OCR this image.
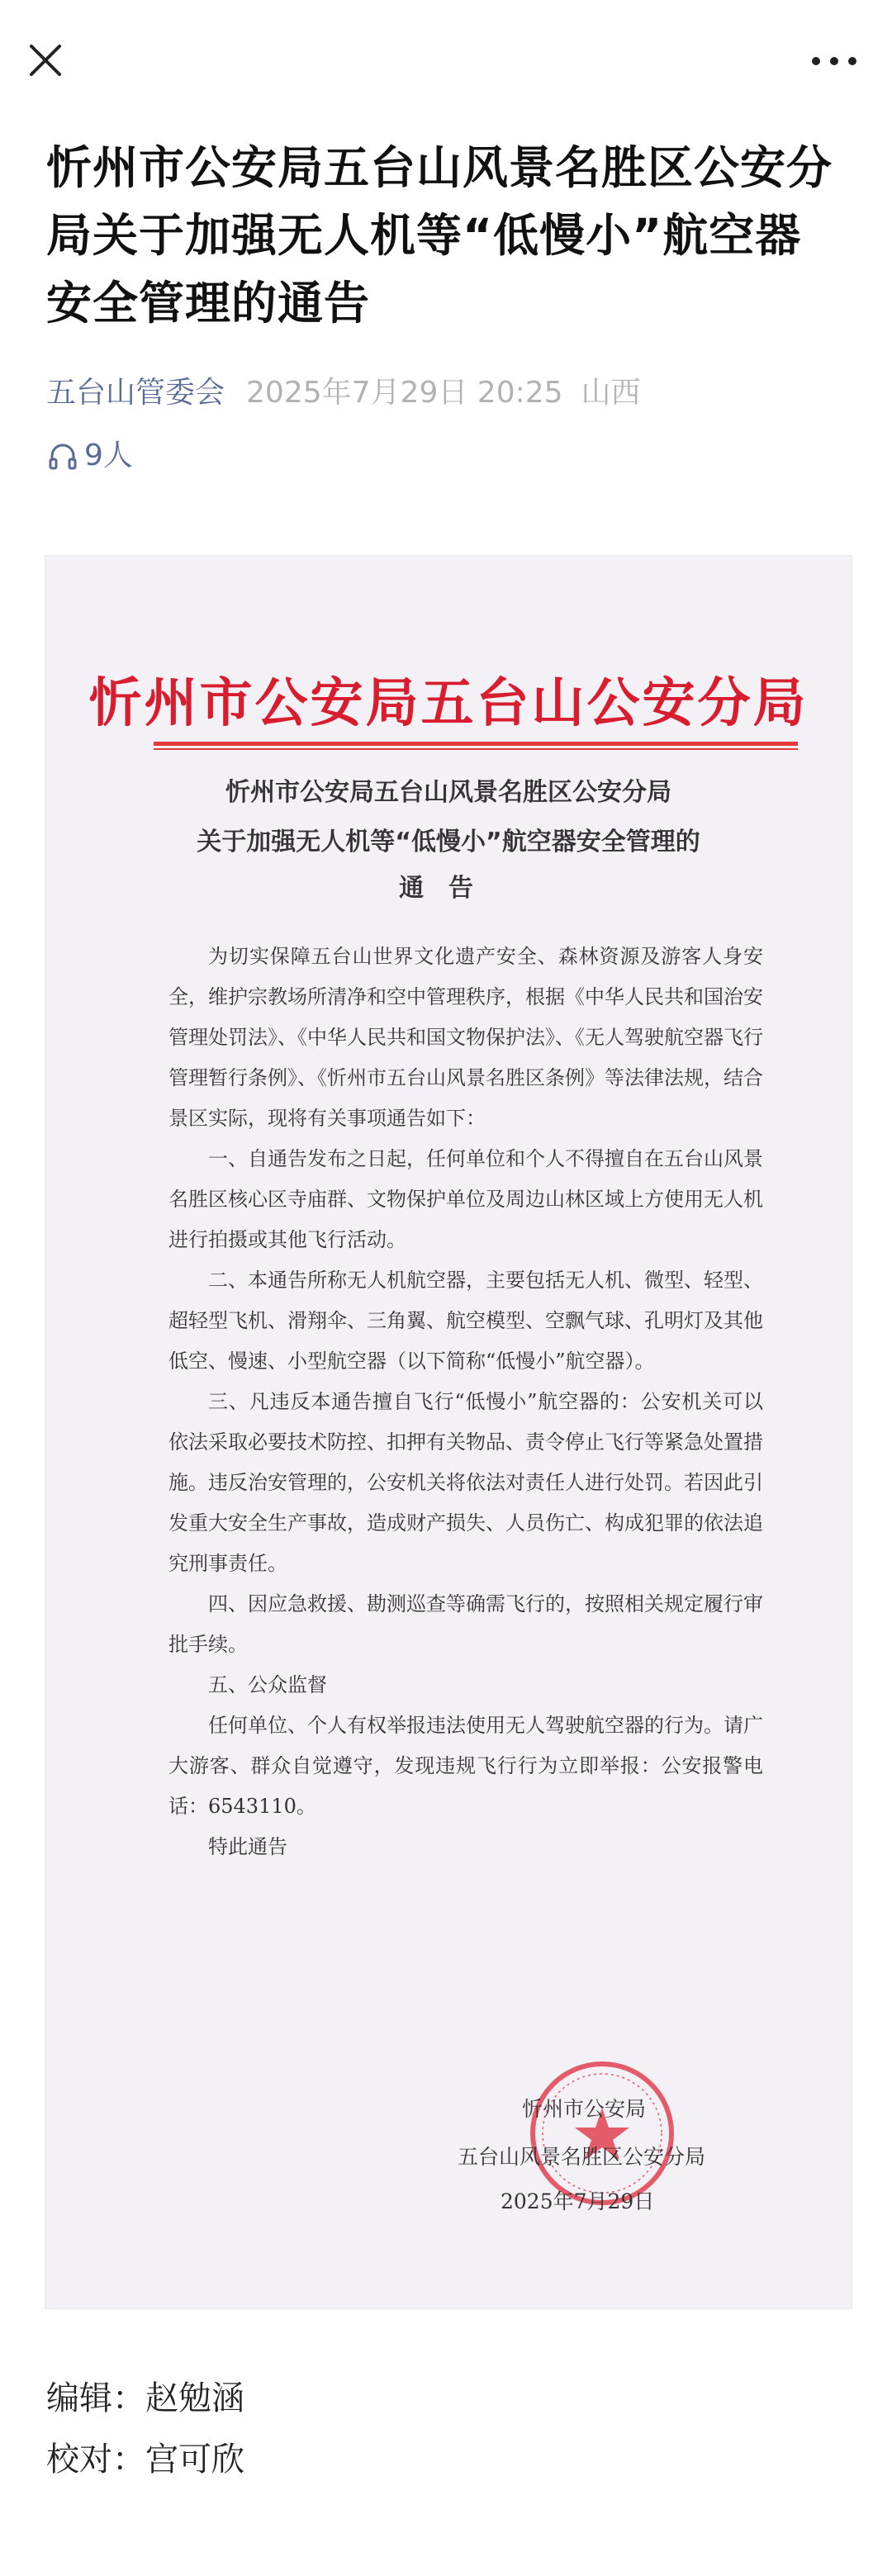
忻州市公安局五台山风景名胜区公安分局关于加强无人机等“低慢小”航空器安全管理的通告
五台山管委会 2025年7月29日 20:25 山西
9人
忻州市公安局五台山公安分局
忻州市公安局五台山风景名胜区公安分局
关于加强无人机等“低慢小”航空器安全管理的
通告

为切实保障五台山世界文化遗产安全、森林资源及游客人身安全，维护宗教场所清净和空中管理秩序，根据《中华人民共和国治安管理处罚法》、《中华人民共和国文物保护法》、《无人驾驶航空器飞行管理暂行条例》、《忻州市五台山风景名胜区条例》等法律法规，结合景区实际，现将有关事项通告如下：

一、自通告发布之日起，任何单位和个人不得擅自在五台山风景名胜区核心区寺庙群、文物保护单位及周边山林区域上方使用无人机进行拍摄或其他飞行活动。

二、本通告所称无人机航空器，主要包括无人机、微型、轻型、超轻型飞机、滑翔伞、三角翼、航空模型、空飘气球、孔明灯及其他低空、慢速、小型航空器（以下简称“低慢小”航空器）。

三、凡违反本通告擅自飞行“低慢小”航空器的：公安机关可以依法采取必要技术防控、扣押有关物品、责令停止飞行等紧急处置措施。违反治安管理的，公安机关将依法对责任人进行处罚。若因此引发重大安全生产事故，造成财产损失、人员伤亡、构成犯罪的依法追究刑事责任。

四、因应急救援、勘测巡查等确需飞行的，按照相关规定履行审批手续。

五、公众监督

任何单位、个人有权举报违法使用无人驾驶航空器的行为。请广大游客、群众自觉遵守，发现违规飞行行为立即举报：公安报警电话：6543110。

特此通告

忻州市公安局
五台山风景名胜区公安分局
2025年7月29日
编辑：赵勉涵
校对：宫可欣
